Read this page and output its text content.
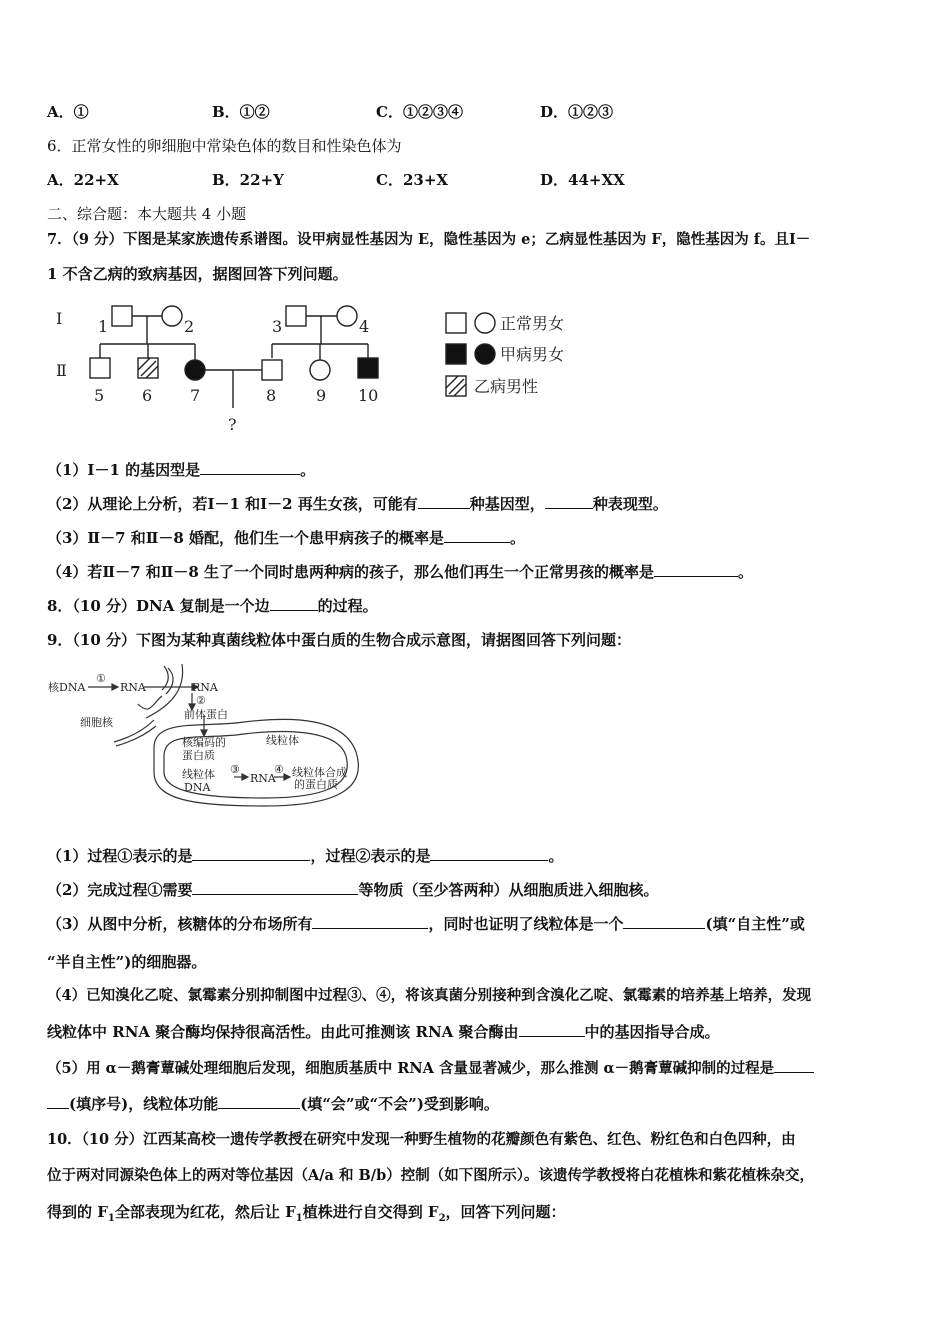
A．①	B．①②	C．①②③④	D．①②③
6．正常女性的卵细胞中常染色体的数目和性染色体为
A．22+X	B．22+Y	C．23+X	D．44+XX
二、综合题：本大题共 4 小题
7．（9 分）下图是某家族遗传系谱图。设甲病显性基因为 E，隐性基因为 e；乙病显性基因为 F，隐性基因为 f。且Ⅰ－
1 不含乙病的致病基因，据图回答下列问题。
Ⅰ
Ⅱ
1	2	3	4
5 6 7	8 9 10
?
正常男女
甲病男女
乙病男性
（1）Ⅰ－1 的基因型是	。
（2）从理论上分析，若Ⅰ－1 和Ⅰ－2 再生女孩，可能有	种基因型，	种表现型。
（3）Ⅱ－7 和Ⅱ－8 婚配，他们生一个患甲病孩子的概率是	。
（4）若Ⅱ－7 和Ⅱ－8 生了一个同时患两种病的孩子，那么他们再生一个正常男孩的概率是	。
8．（10 分）DNA 复制是一个边	的过程。
9．（10 分）下图为某种真菌线粒体中蛋白质的生物合成示意图，请据图回答下列问题：
核DNA
①
RNA	RNA
②
细胞核
前体蛋白
线粒体
核编码的
蛋白质
线粒体
DNA
③
RNA
④ 线粒体合成
的蛋白质
（1）过程①表示的是	，过程②表示的是	。
（2）完成过程①需要	等物质（至少答两种）从细胞质进入细胞核。
（3）从图中分析，核糖体的分布场所有	，同时也证明了线粒体是一个	(填“自主性”或
“半自主性”)的细胞器。
（4）已知溴化乙啶、氯霉素分别抑制图中过程③、④，将该真菌分别接种到含溴化乙啶、氯霉素的培养基上培养，发现
线粒体中 RNA 聚合酶均保持很高活性。由此可推测该 RNA 聚合酶由	中的基因指导合成。
（5）用 α－鹅膏蕈碱处理细胞后发现，细胞质基质中 RNA 含量显著减少，那么推测 α－鹅膏蕈碱抑制的过程是
(填序号)，线粒体功能	(填“会”或“不会”)受到影响。
10．（10 分）江西某高校一遗传学教授在研究中发现一种野生植物的花瓣颜色有紫色、红色、粉红色和白色四种，由
位于两对同源染色体上的两对等位基因（A/a 和 B/b）控制（如下图所示）。该遗传学教授将白花植株和紫花植株杂交，
得到的 $F_1$全部表现为红花，然后让 $F_1$植株进行自交得到 $F_2$，回答下列问题：
